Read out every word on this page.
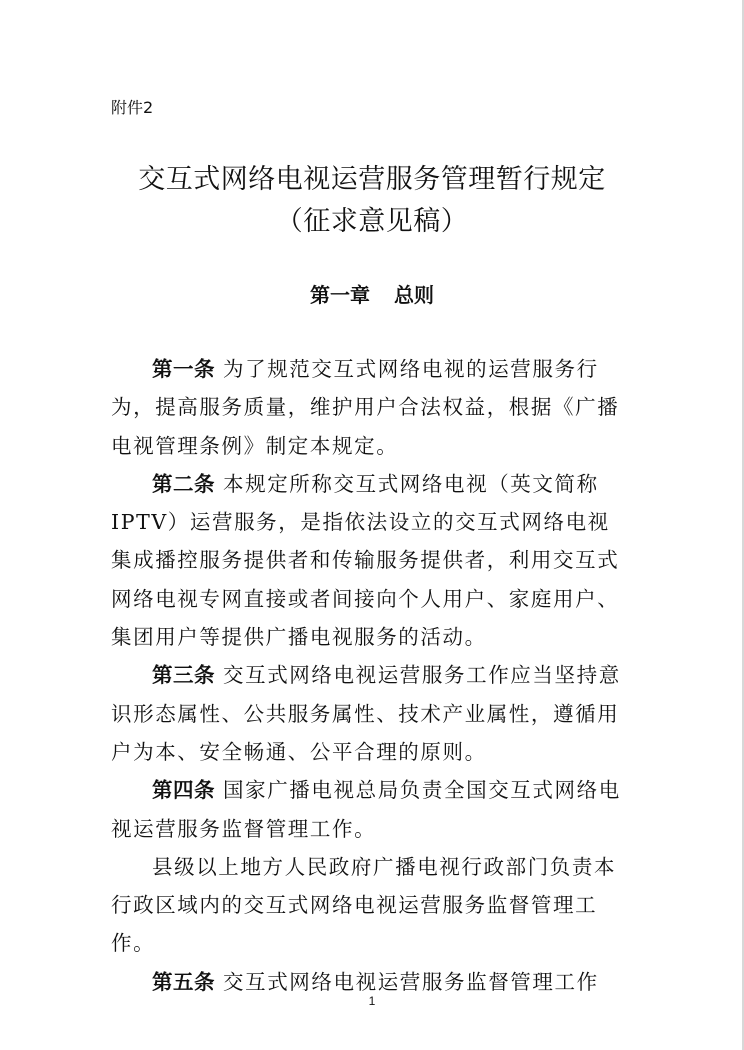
附件2
交互式网络电视运营服务管理暂行规定
（征求意见稿）
第一章 总则

第一条 为了规范交互式网络电视的运营服务行为，提高服务质量，维护用户合法权益，根据《广播电视管理条例》制定本规定。

第二条 本规定所称交互式网络电视（英文简称IPTV）运营服务，是指依法设立的交互式网络电视集成播控服务提供者和传输服务提供者，利用交互式网络电视专网直接或者间接向个人用户、家庭用户、集团用户等提供广播电视服务的活动。

第三条 交互式网络电视运营服务工作应当坚持意识形态属性、公共服务属性、技术产业属性，遵循用户为本、安全畅通、公平合理的原则。

第四条 国家广播电视总局负责全国交互式网络电视运营服务监督管理工作。

县级以上地方人民政府广播电视行政部门负责本行政区域内的交互式网络电视运营服务监督管理工作。

第五条 交互式网络电视运营服务监督管理工作

1
